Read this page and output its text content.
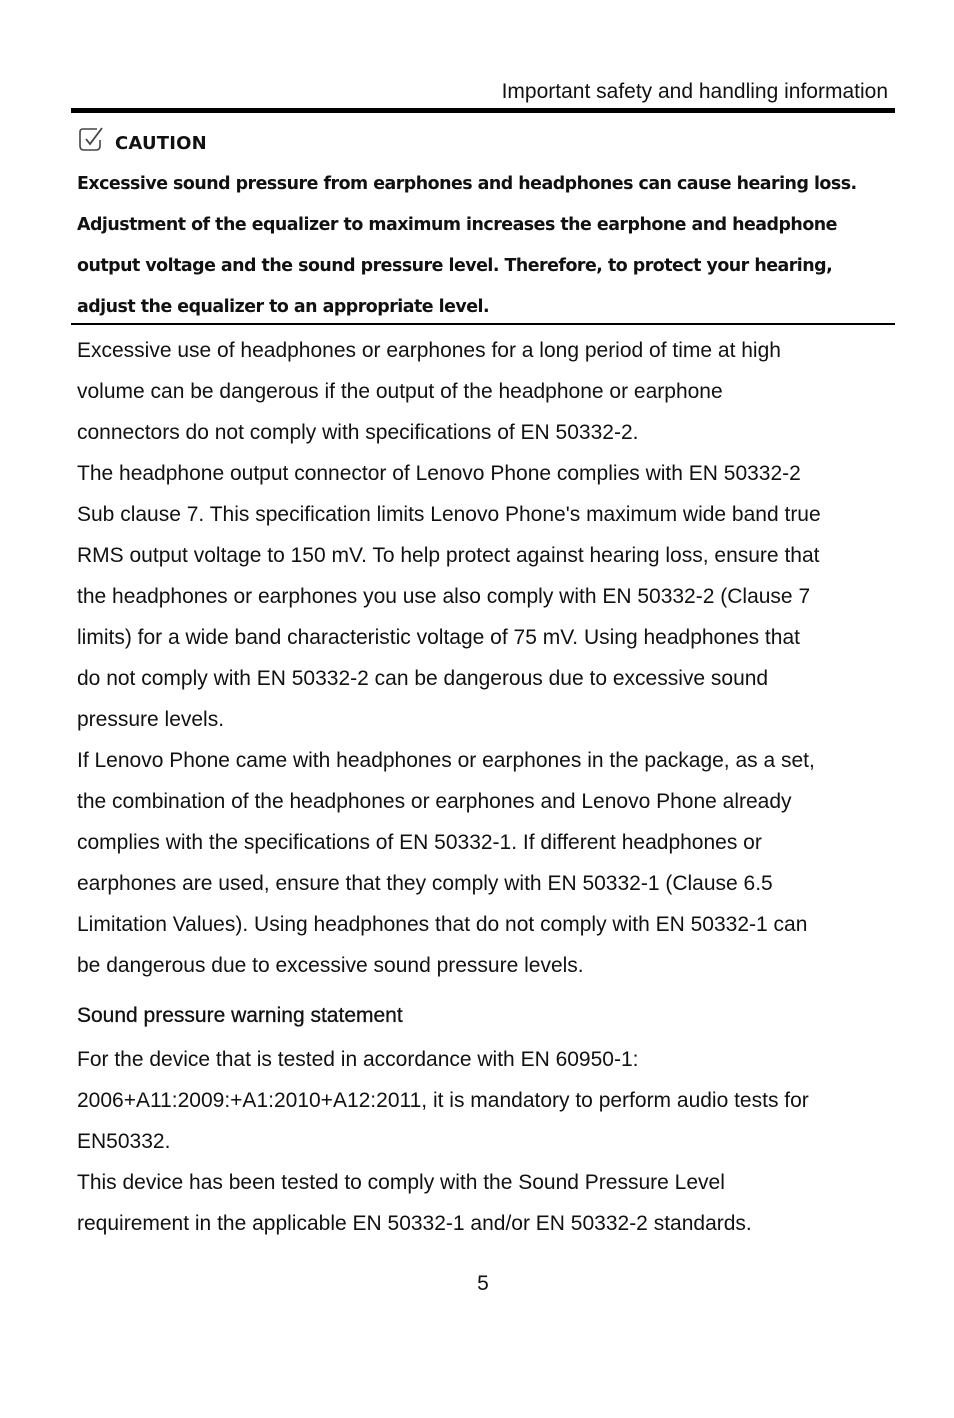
Important safety and handling information
CAUTION

Excessive sound pressure from earphones and headphones can cause hearing loss.

Adjustment of the equalizer to maximum increases the earphone and headphone

output voltage and the sound pressure level. Therefore, to protect your hearing,

adjust the equalizer to an appropriate level.

Excessive use of headphones or earphones for a long period of time at high

volume can be dangerous if the output of the headphone or earphone

connectors do not comply with specifications of EN 50332-2.

The headphone output connector of Lenovo Phone complies with EN 50332-2

Sub clause 7. This specification limits Lenovo Phone's maximum wide band true

RMS output voltage to 150 mV. To help protect against hearing loss, ensure that

the headphones or earphones you use also comply with EN 50332-2 (Clause 7

limits) for a wide band characteristic voltage of 75 mV. Using headphones that

do not comply with EN 50332-2 can be dangerous due to excessive sound

pressure levels.

If Lenovo Phone came with headphones or earphones in the package, as a set,

the combination of the headphones or earphones and Lenovo Phone already

complies with the specifications of EN 50332-1. If different headphones or

earphones are used, ensure that they comply with EN 50332-1 (Clause 6.5

Limitation Values). Using headphones that do not comply with EN 50332-1 can

be dangerous due to excessive sound pressure levels.

Sound pressure warning statement

For the device that is tested in accordance with EN 60950-1:

2006+A11:2009:+A1:2010+A12:2011, it is mandatory to perform audio tests for

EN50332.

This device has been tested to comply with the Sound Pressure Level

requirement in the applicable EN 50332-1 and/or EN 50332-2 standards.

5
